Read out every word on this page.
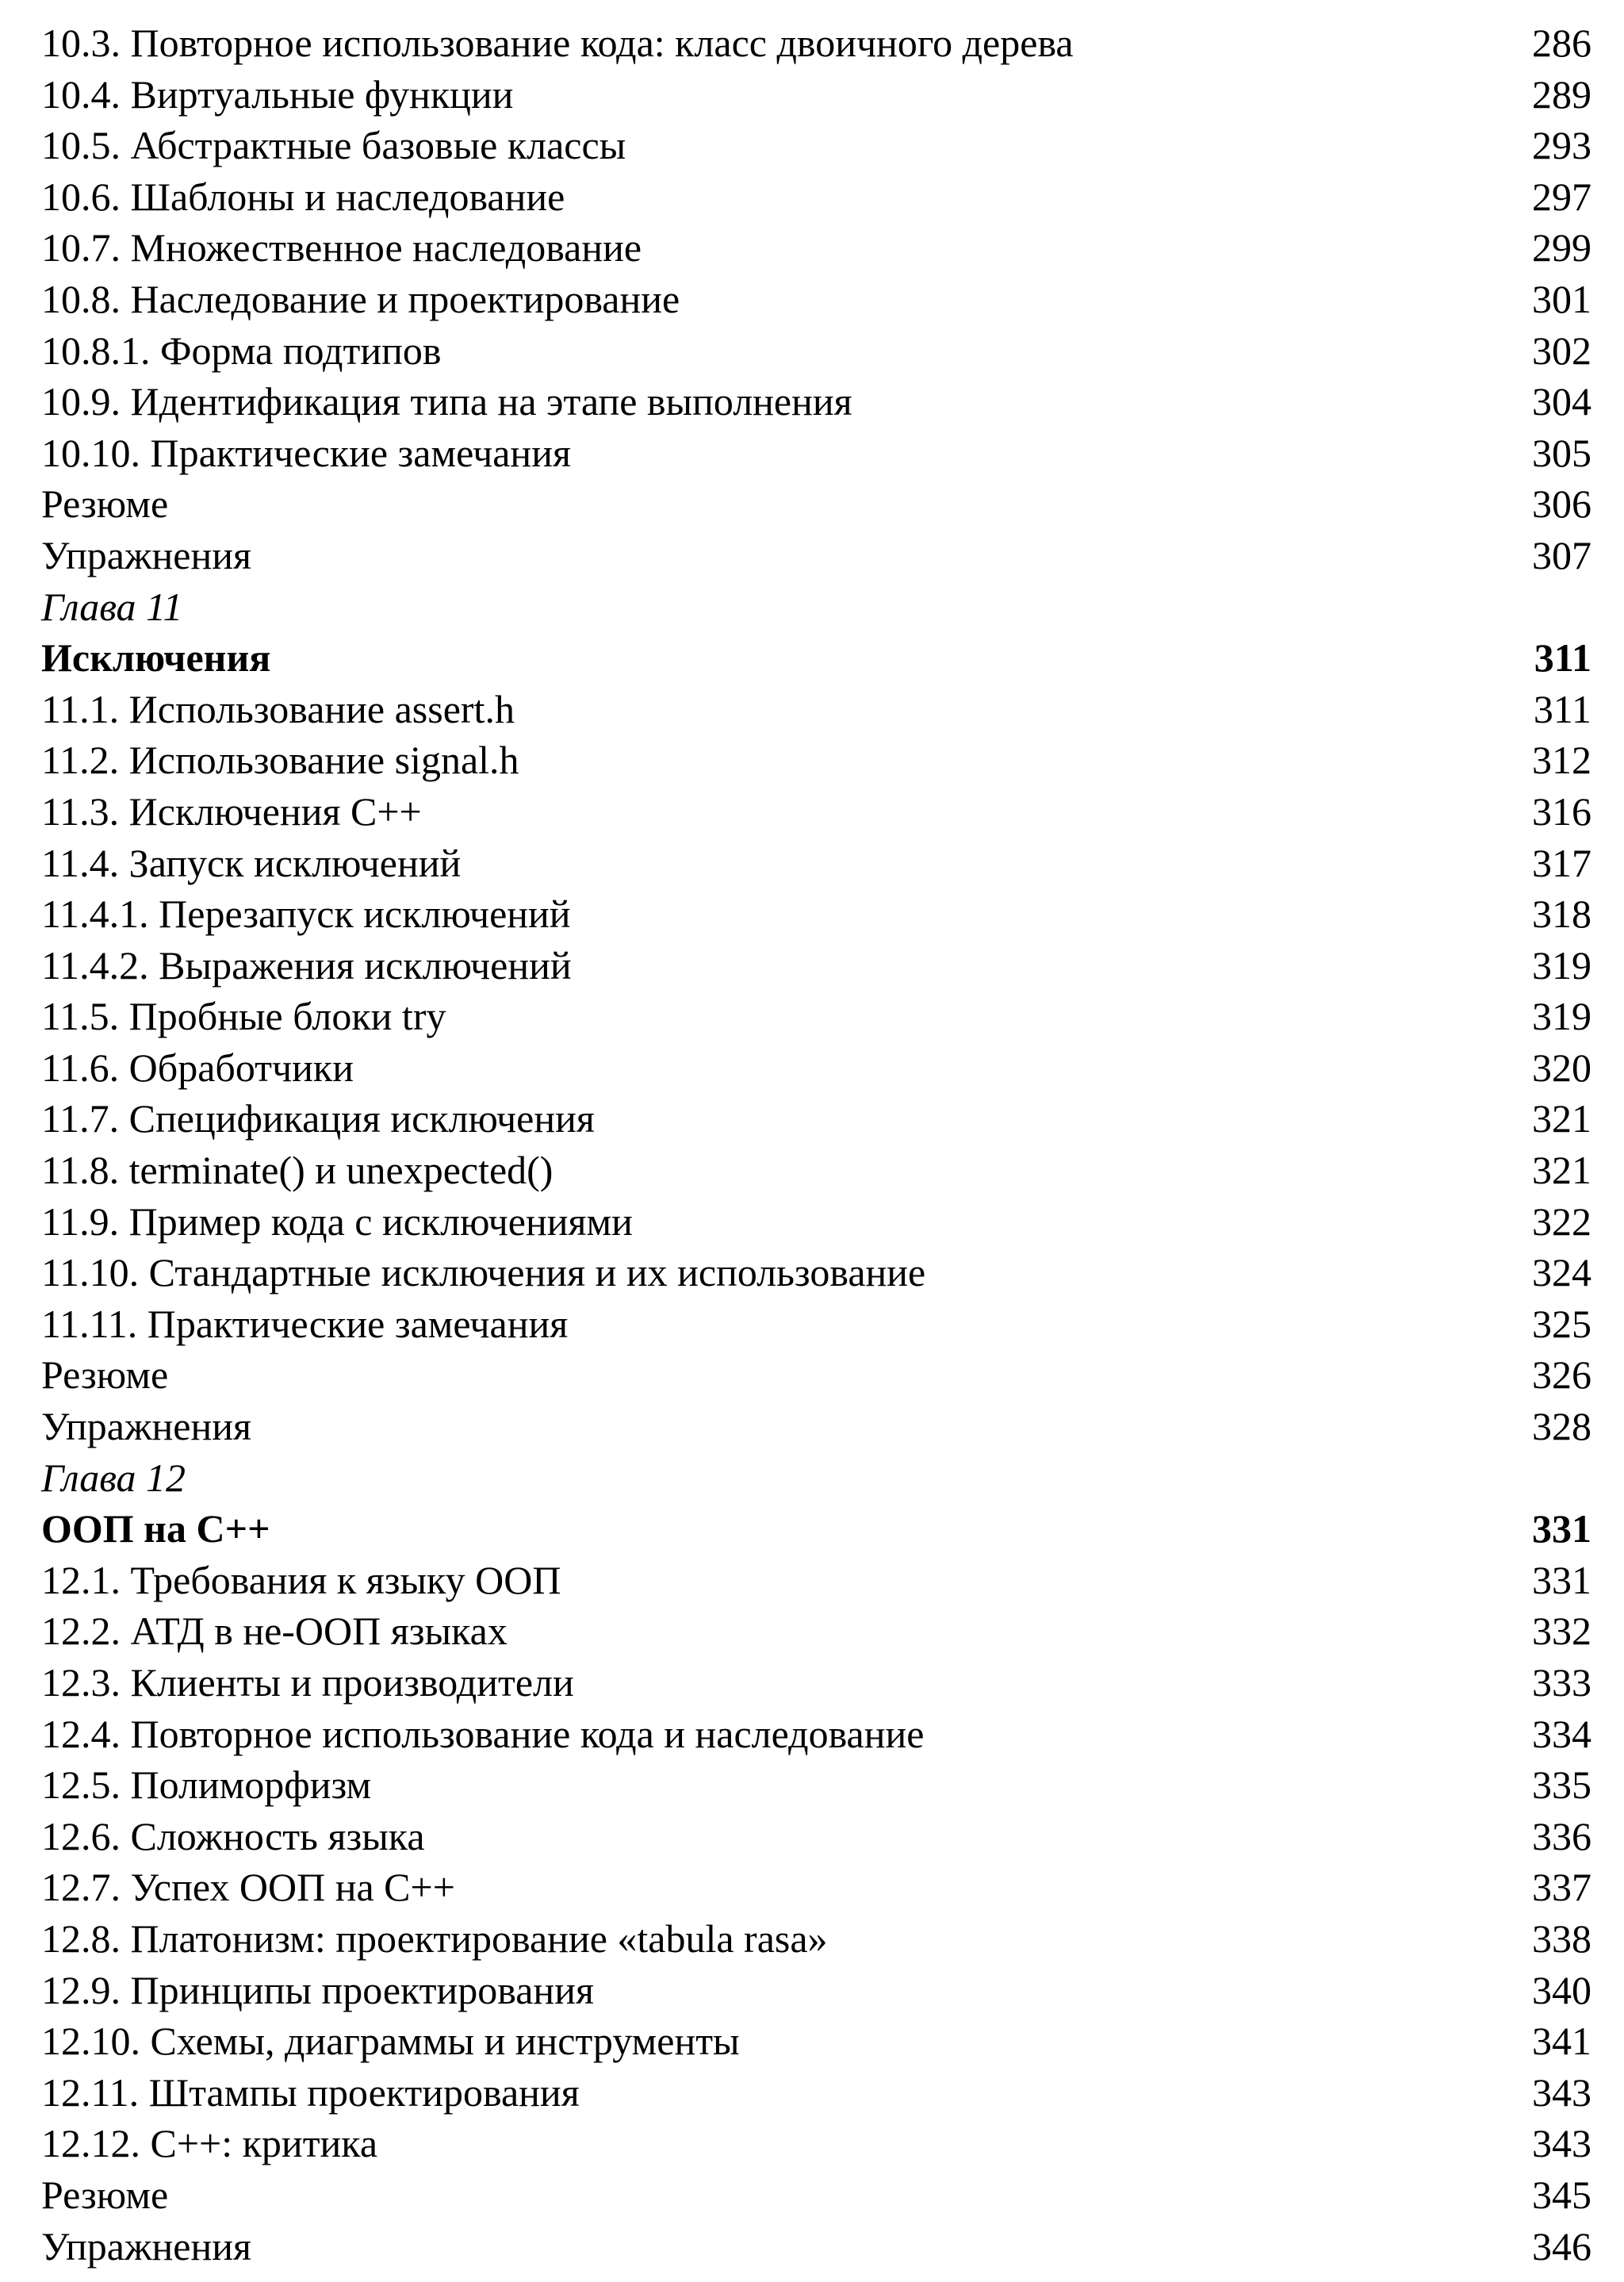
10.3. Повторное использование кода: класс двоичного дерева	286
10.4. Виртуальные функции	289
10.5. Абстрактные базовые классы	293
10.6. Шаблоны и наследование	297
10.7. Множественное наследование	299
10.8. Наследование и проектирование	301
10.8.1. Форма подтипов	302
10.9. Идентификация типа на этапе выполнения	304
10.10. Практические замечания	305
Резюме	306
Упражнения	307
Глава 11
Исключения	311
11.1. Использование assert.h	311
11.2. Использование signal.h	312
11.3. Исключения C++	316
11.4. Запуск исключений	317
11.4.1. Перезапуск исключений	318
11.4.2. Выражения исключений	319
11.5. Пробные блоки try	319
11.6. Обработчики	320
11.7. Спецификация исключения	321
11.8. terminate() и unexpected()	321
11.9. Пример кода с исключениями	322
11.10. Стандартные исключения и их использование	324
11.11. Практические замечания	325
Резюме	326
Упражнения	328
Глава 12
ООП на С++	331
12.1. Требования к языку ООП	331
12.2. АТД в не-ООП языках	332
12.3. Клиенты и производители	333
12.4. Повторное использование кода и наследование	334
12.5. Полиморфизм	335
12.6. Сложность языка	336
12.7. Успех ООП на С++	337
12.8. Платонизм: проектирование «tabula rasa»	338
12.9. Принципы проектирования	340
12.10. Схемы, диаграммы и инструменты	341
12.11. Штампы проектирования	343
12.12. С++: критика	343
Резюме	345
Упражнения	346
